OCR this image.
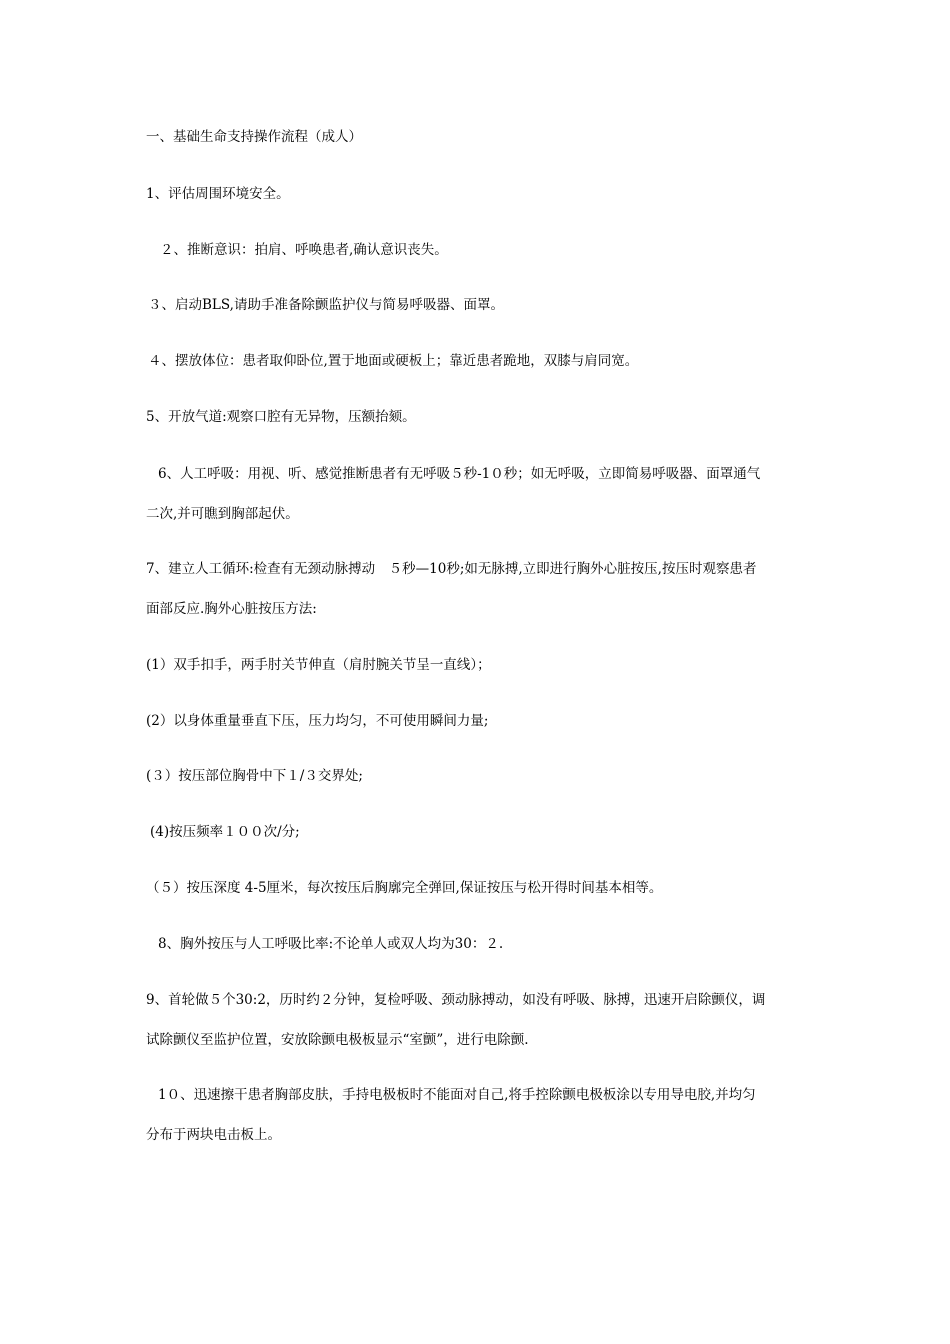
一、基础生命支持操作流程（成人）
1、评估周围环境安全。
２、推断意识：拍肩、呼唤患者,确认意识丧失。
３、启动BLS,请助手准备除颤监护仪与简易呼吸器、面罩。
４、摆放体位：患者取仰卧位,置于地面或硬板上；靠近患者跪地，双膝与肩同宽。
5、开放气道:观察口腔有无异物，压额抬颏。
6、人工呼吸：用视、听、感觉推断患者有无呼吸５秒-1０秒；如无呼吸，立即简易呼吸器、面罩通气
二次,并可瞧到胸部起伏。
7、建立人工循环:检查有无颈动脉搏动　５秒—10秒;如无脉搏,立即进行胸外心脏按压,按压时观察患者
面部反应.胸外心脏按压方法:
(1）双手扣手，两手肘关节伸直（肩肘腕关节呈一直线）；
(2）以身体重量垂直下压，压力均匀，不可使用瞬间力量;
(３）按压部位胸骨中下１/３交界处;
(4)按压频率１００次/分;
（５）按压深度 4-5厘米，每次按压后胸廓完全弹回,保证按压与松开得时间基本相等。
8、胸外按压与人工呼吸比率:不论单人或双人均为30：２.
9、首轮做５个30:2，历时约２分钟，复检呼吸、颈动脉搏动，如没有呼吸、脉搏，迅速开启除颤仪，调
试除颤仪至监护位置，安放除颤电极板显示“室颤”，进行电除颤.
1０、迅速擦干患者胸部皮肤，手持电极板时不能面对自己,将手控除颤电极板涂以专用导电胶,并均匀
分布于两块电击板上。
